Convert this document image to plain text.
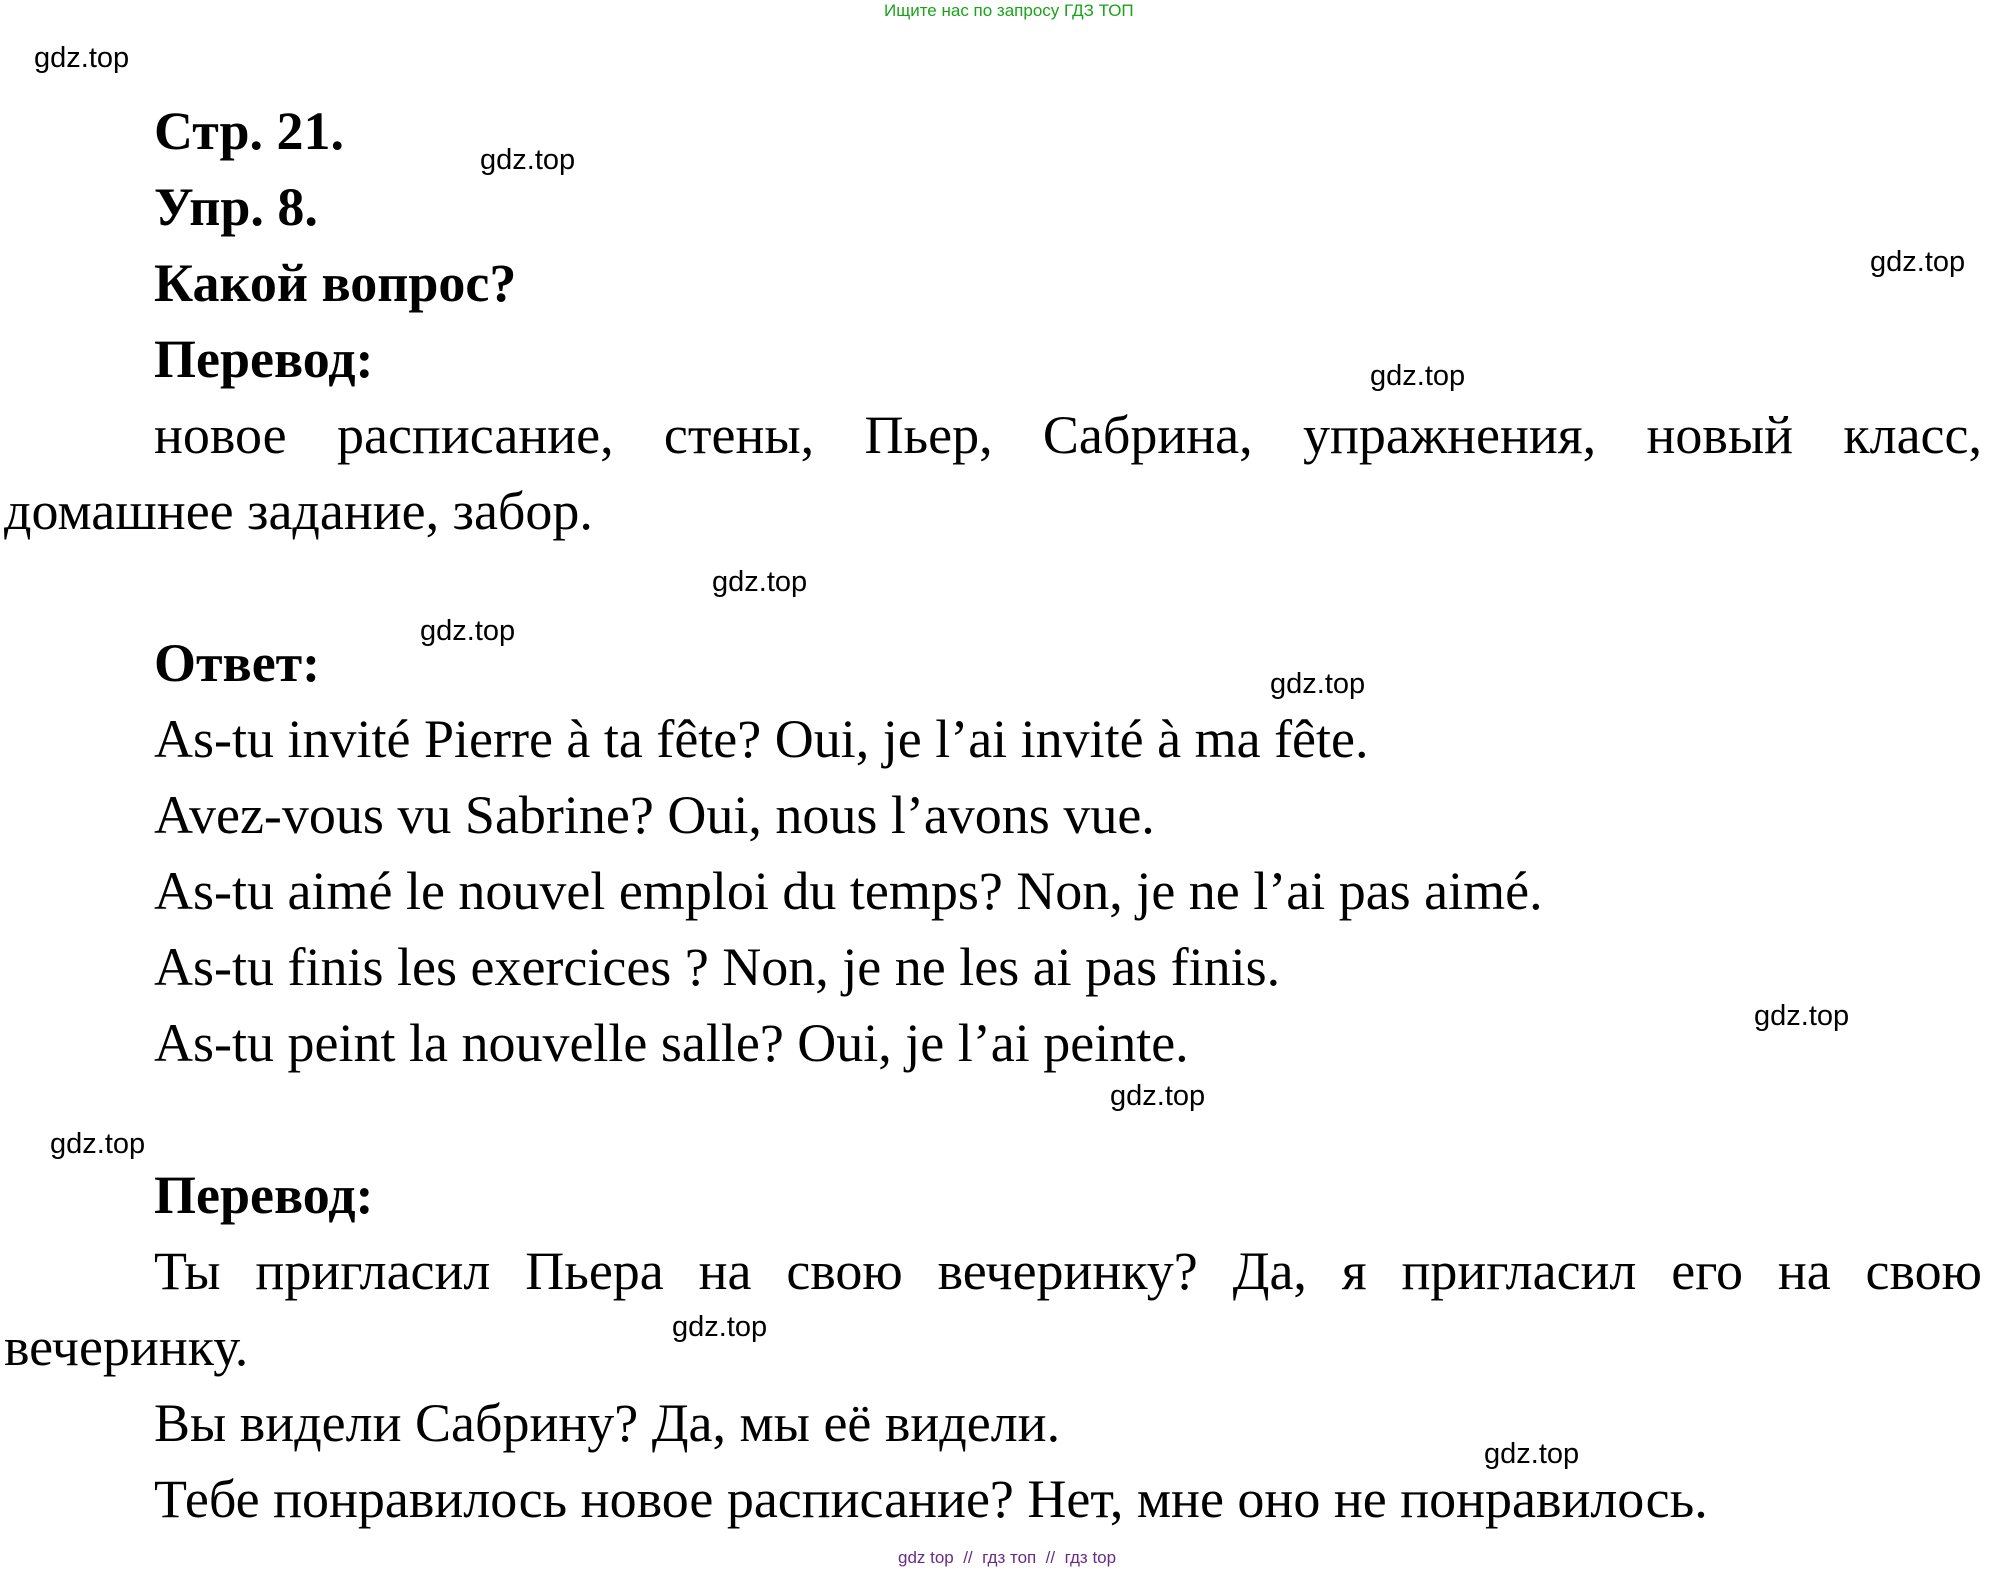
Ищите нас по запросу ГДЗ ТОП
gdz.top
gdz.top
gdz.top
gdz.top
gdz.top
gdz.top
gdz.top
gdz.top
gdz.top
gdz.top
gdz.top
gdz.top
Стр. 21.
Упр. 8.
Какой вопрос?
Перевод:
новое расписание, стены, Пьер, Сабрина, упражнения, новый класс,
домашнее задание, забор.
Ответ:
As-tu invité Pierre à ta fête? Oui, je l’ai invité à ma fête.
Avez-vous vu Sabrine? Oui, nous l’avons vue.
As-tu aimé le nouvel emploi du temps? Non, je ne l’ai pas aimé.
As-tu finis les exercices ? Non, je ne les ai pas finis.
As-tu peint la nouvelle salle? Oui, je l’ai peinte.
Перевод:
Ты пригласил Пьера на свою вечеринку? Да, я пригласил его на свою
вечеринку.
Вы видели Сабрину? Да, мы её видели.
Тебе понравилось новое расписание? Нет, мне оно не понравилось.
gdz top  //  гдз топ  //  гдз top
